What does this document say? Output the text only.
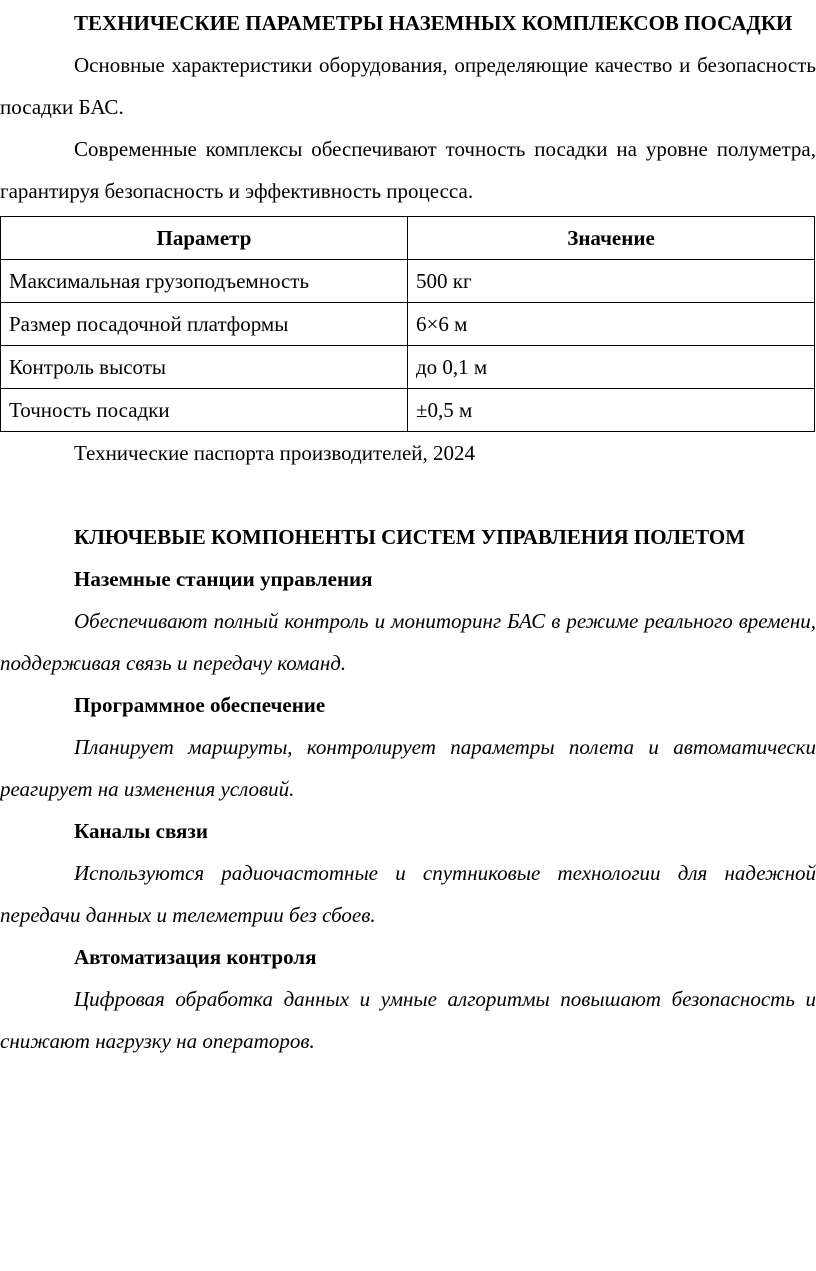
ТЕХНИЧЕСКИЕ ПАРАМЕТРЫ НАЗЕМНЫХ КОМПЛЕКСОВ ПОСАДКИ

Основные характеристики оборудования, определяющие качество и безопасность посадки БАС.

Современные комплексы обеспечивают точность посадки на уровне полуметра, гарантируя безопасность и эффективность процесса.

Параметр	Значение
Максимальная грузоподъемность	500 кг
Размер посадочной платформы	6×6 м
Контроль высоты	до 0,1 м
Точность посадки	±0,5 м

Технические паспорта производителей, 2024

КЛЮЧЕВЫЕ КОМПОНЕНТЫ СИСТЕМ УПРАВЛЕНИЯ ПОЛЕТОМ

Наземные станции управления

Обеспечивают полный контроль и мониторинг БАС в режиме реального времени, поддерживая связь и передачу команд.

Программное обеспечение

Планирует маршруты, контролирует параметры полета и автоматически реагирует на изменения условий.

Каналы связи

Используются радиочастотные и спутниковые технологии для надежной передачи данных и телеметрии без сбоев.

Автоматизация контроля

Цифровая обработка данных и умные алгоритмы повышают безопасность и снижают нагрузку на операторов.
